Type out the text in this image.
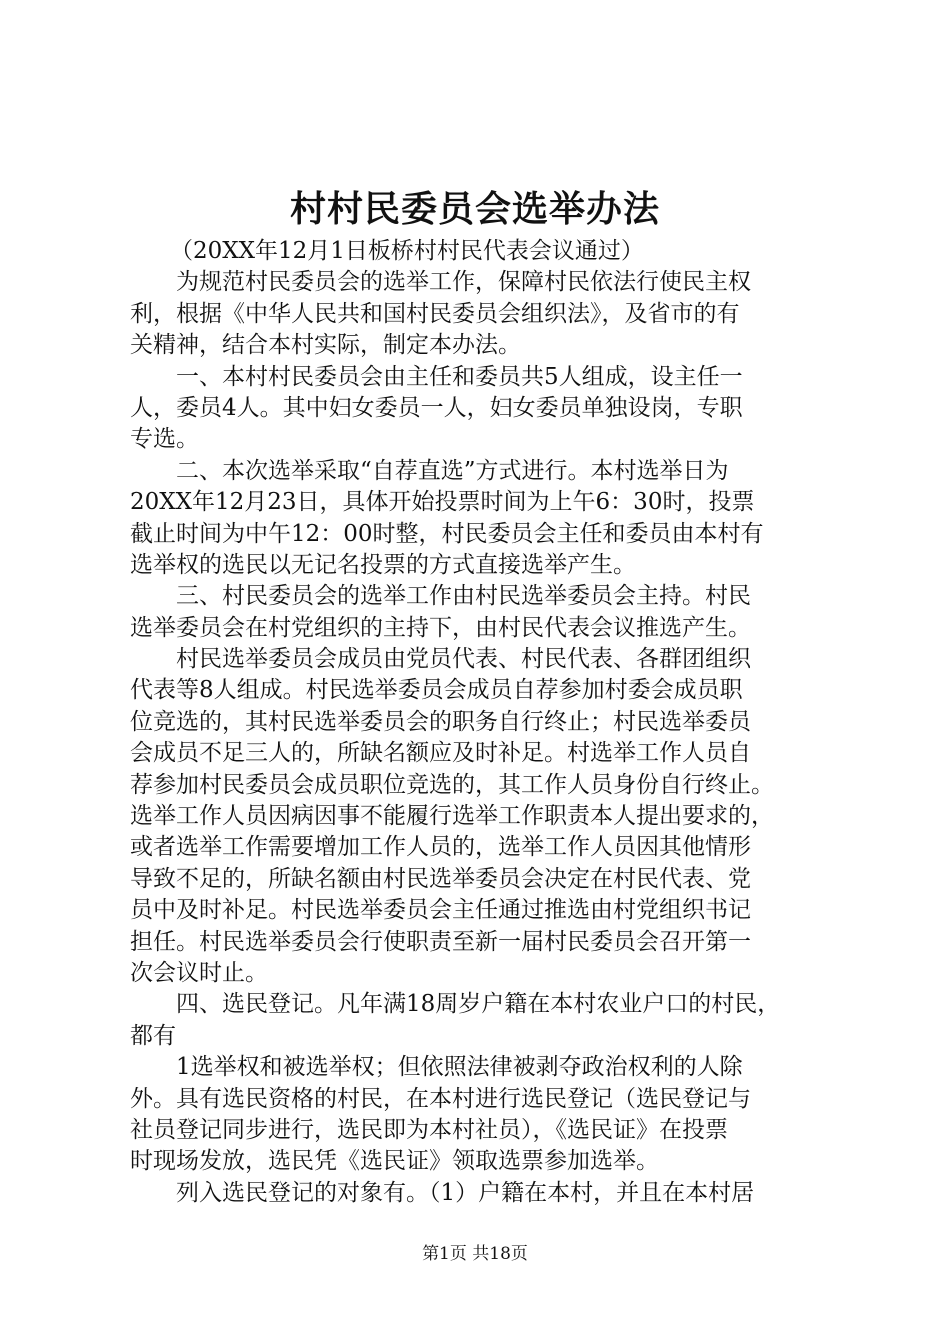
村村民委员会选举办法
（20XX年12月1日板桥村村民代表会议通过）
为规范村民委员会的选举工作，保障村民依法行使民主权
利，根据《中华人民共和国村民委员会组织法》，及省市的有
关精神，结合本村实际，制定本办法。
一、本村村民委员会由主任和委员共5人组成，设主任一
人，委员4人。其中妇女委员一人，妇女委员单独设岗，专职
专选。
二、本次选举采取“自荐直选”方式进行。本村选举日为
20XX年12月23日，具体开始投票时间为上午6：30时，投票
截止时间为中午12：00时整，村民委员会主任和委员由本村有
选举权的选民以无记名投票的方式直接选举产生。
三、村民委员会的选举工作由村民选举委员会主持。村民
选举委员会在村党组织的主持下，由村民代表会议推选产生。
村民选举委员会成员由党员代表、村民代表、各群团组织
代表等8人组成。村民选举委员会成员自荐参加村委会成员职
位竞选的，其村民选举委员会的职务自行终止；村民选举委员
会成员不足三人的，所缺名额应及时补足。村选举工作人员自
荐参加村民委员会成员职位竞选的，其工作人员身份自行终止。
选举工作人员因病因事不能履行选举工作职责本人提出要求的，
或者选举工作需要增加工作人员的，选举工作人员因其他情形
导致不足的，所缺名额由村民选举委员会决定在村民代表、党
员中及时补足。村民选举委员会主任通过推选由村党组织书记
担任。村民选举委员会行使职责至新一届村民委员会召开第一
次会议时止。
四、选民登记。凡年满18周岁户籍在本村农业户口的村民，
都有
1选举权和被选举权；但依照法律被剥夺政治权利的人除
外。具有选民资格的村民，在本村进行选民登记（选民登记与
社员登记同步进行，选民即为本村社员），《选民证》在投票
时现场发放，选民凭《选民证》领取选票参加选举。
列入选民登记的对象有。（1）户籍在本村，并且在本村居
第1页 共18页
